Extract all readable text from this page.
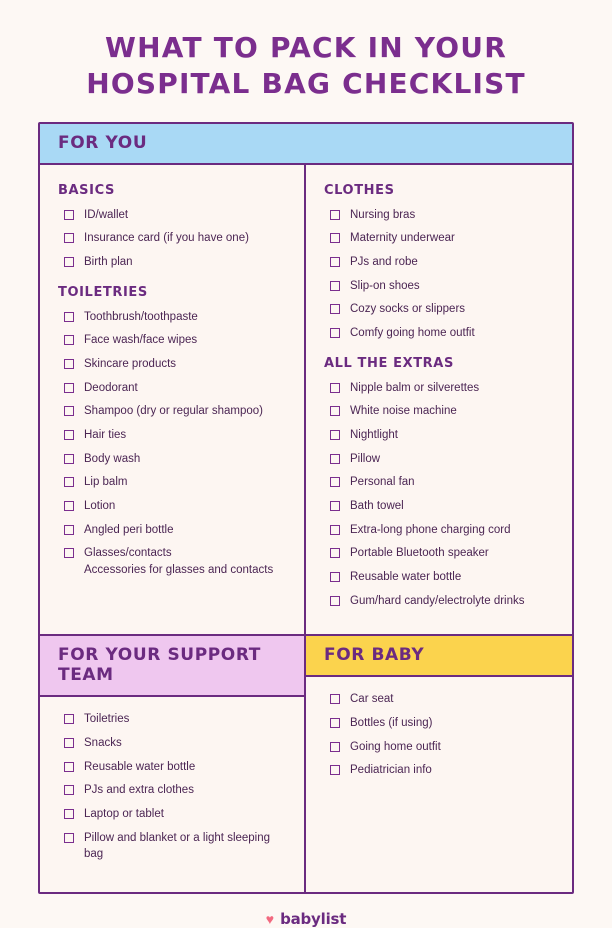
WHAT TO PACK IN YOUR
HOSPITAL BAG CHECKLIST
FOR YOU
BASICS
ID/wallet
Insurance card (if you have one)
Birth plan
TOILETRIES
Toothbrush/toothpaste
Face wash/face wipes
Skincare products
Deodorant
Shampoo (dry or regular shampoo)
Hair ties
Body wash
Lip balm
Lotion
Angled peri bottle
Glasses/contacts
Accessories for glasses and contacts
CLOTHES
Nursing bras
Maternity underwear
PJs and robe
Slip-on shoes
Cozy socks or slippers
Comfy going home outfit
ALL THE EXTRAS
Nipple balm or silverettes
White noise machine
Nightlight
Pillow
Personal fan
Bath towel
Extra-long phone charging cord
Portable Bluetooth speaker
Reusable water bottle
Gum/hard candy/electrolyte drinks
FOR YOUR SUPPORT TEAM
Toiletries
Snacks
Reusable water bottle
PJs and extra clothes
Laptop or tablet
Pillow and blanket or a light sleeping bag
FOR BABY
Car seat
Bottles (if using)
Going home outfit
Pediatrician info
♥ babylist
